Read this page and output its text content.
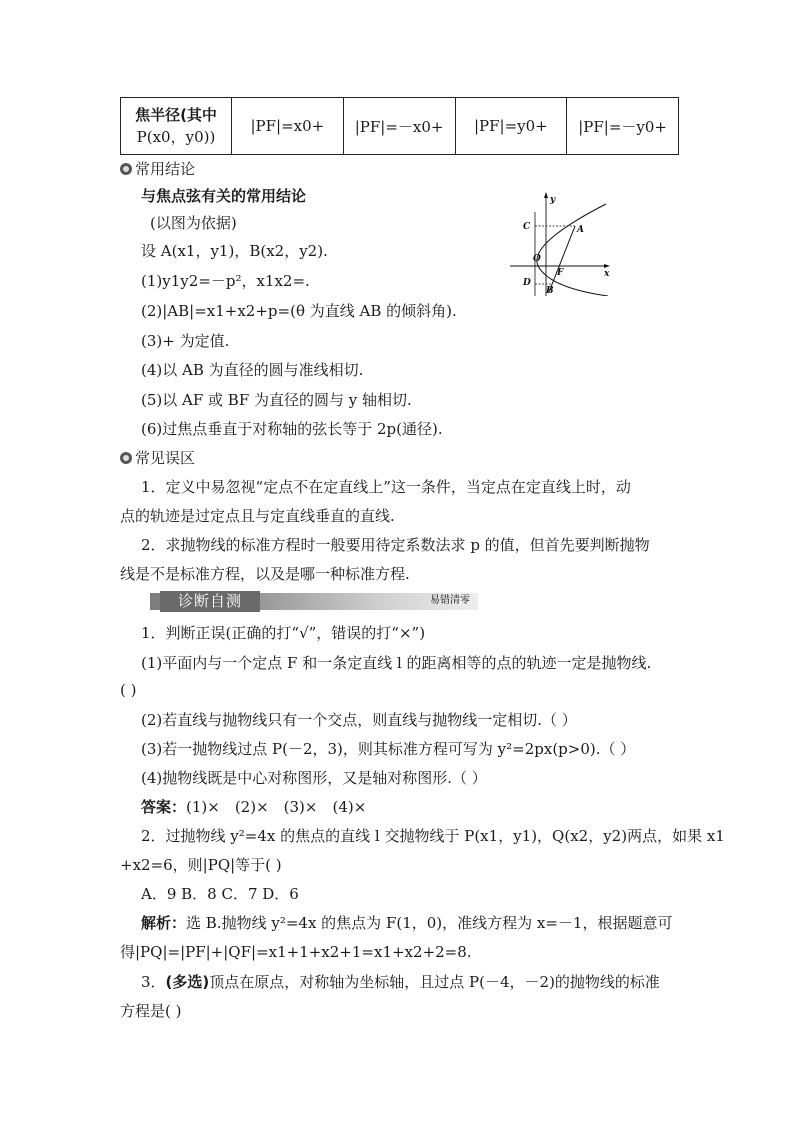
焦半径(其中
P(x0，y0))
	|PF|=x0+	|PF|=－x0+	|PF|=y0+	|PF|=－y0+
常用结论
与焦点弦有关的常用结论
(以图为依据)
设 A(x1，y1)，B(x2，y2).
(1)y1y2=－p²，x1x2=.
(2)|AB|=x1+x2+p=(θ 为直线 AB 的倾斜角).
(3)+ 为定值.
(4)以 AB 为直径的圆与准线相切.
(5)以 AF 或 BF 为直径的圆与 y 轴相切.
(6)过焦点垂直于对称轴的弦长等于 2p(通径).
y
x
C	A
O
F
D
B
常见误区
1．定义中易忽视“定点不在定直线上”这一条件，当定点在定直线上时，动
点的轨迹是过定点且与定直线垂直的直线.
2．求抛物线的标准方程时一般要用待定系数法求 p 的值，但首先要判断抛物
线是不是标准方程，以及是哪一种标准方程.
诊断自测	易错清零
1．判断正误(正确的打“√”，错误的打“×”)
(1)平面内与一个定点 F 和一条定直线 l 的距离相等的点的轨迹一定是抛物线.
( )
(2)若直线与抛物线只有一个交点，则直线与抛物线一定相切.（ ）
(3)若一抛物线过点 P(－2，3)，则其标准方程可写为 y²=2px(p>0).（ ）
(4)抛物线既是中心对称图形，又是轴对称图形.（ ）
答案：(1)×　(2)×　(3)×　(4)×
2．过抛物线 y²=4x 的焦点的直线 l 交抛物线于 P(x1，y1)，Q(x2，y2)两点，如果 x1
+x2=6，则|PQ|等于( )
A．9 B．8 C．7 D．6
解析：选 B.抛物线 y²=4x 的焦点为 F(1，0)，准线方程为 x=－1，根据题意可
得|PQ|=|PF|+|QF|=x1+1+x2+1=x1+x2+2=8.
3．(多选)顶点在原点，对称轴为坐标轴，且过点 P(－4，－2)的抛物线的标准
方程是( )
